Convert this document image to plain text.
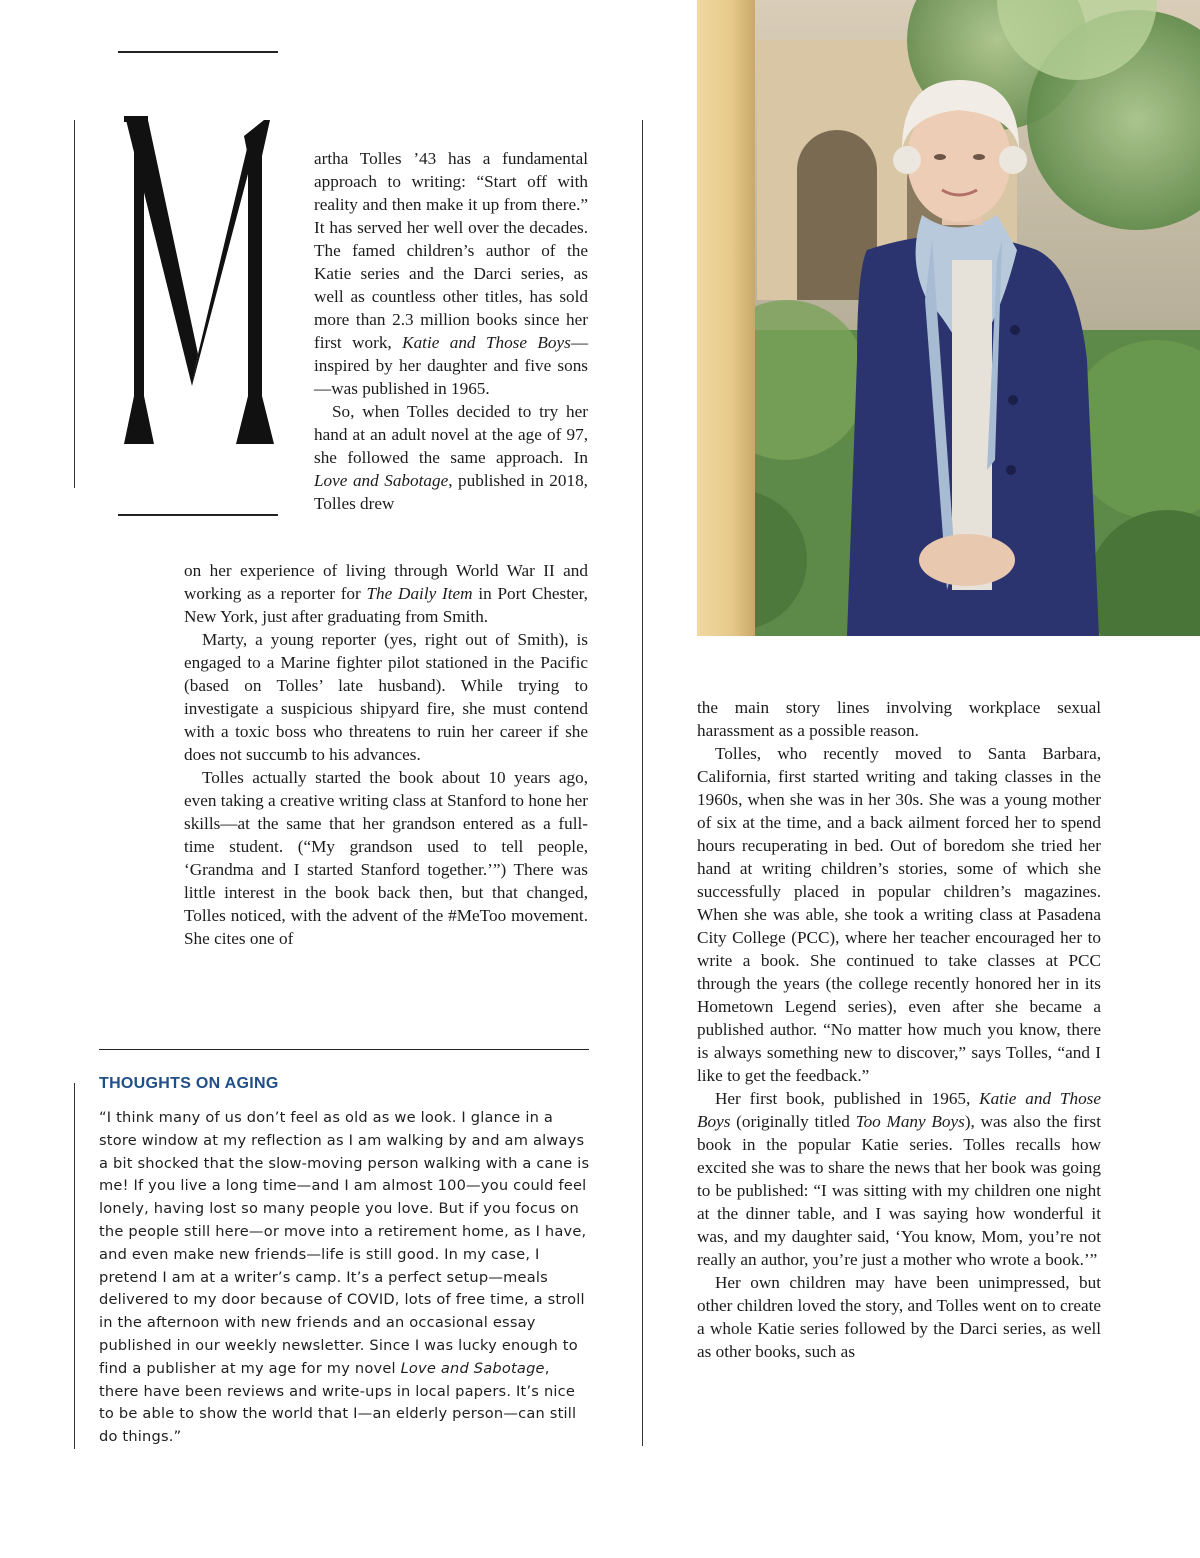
artha Tolles ’43 has a fundamental approach to writing: “Start off with reality and then make it up from there.” It has served her well over the decades. The famed children’s author of the Katie series and the Darci series, as well as countless other titles, has sold more than 2.3 million books since her first work, Katie and Those Boys—inspired by her daughter and five sons—was published in 1965.

So, when Tolles decided to try her hand at an adult novel at the age of 97, she followed the same approach. In Love and Sabotage, published in 2018, Tolles drew

on her experience of living through World War II and working as a reporter for The Daily Item in Port Chester, New York, just after graduating from Smith.

Marty, a young reporter (yes, right out of Smith), is engaged to a Marine fighter pilot stationed in the Pacific (based on Tolles’ late husband). While trying to investigate a suspicious shipyard fire, she must contend with a toxic boss who threatens to ruin her career if she does not succumb to his advances.

Tolles actually started the book about 10 years ago, even taking a creative writing class at Stanford to hone her skills—at the same that her grandson entered as a full-time student. (“My grandson used to tell people, ‘Grandma and I started Stanford together.’”) There was little interest in the book back then, but that changed, Tolles noticed, with the advent of the #MeToo movement. She cites one of

the main story lines involving workplace sexual harassment as a possible reason.

Tolles, who recently moved to Santa Barbara, California, first started writing and taking classes in the 1960s, when she was in her 30s. She was a young mother of six at the time, and a back ailment forced her to spend hours recuperating in bed. Out of boredom she tried her hand at writing children’s stories, some of which she successfully placed in popular children’s magazines. When she was able, she took a writing class at Pasadena City College (PCC), where her teacher encouraged her to write a book. She continued to take classes at PCC through the years (the college recently honored her in its Hometown Legend series), even after she became a published author. “No matter how much you know, there is always something new to discover,” says Tolles, “and I like to get the feedback.”

Her first book, published in 1965, Katie and Those Boys (originally titled Too Many Boys), was also the first book in the popular Katie series. Tolles recalls how excited she was to share the news that her book was going to be published: “I was sitting with my children one night at the dinner table, and I was saying how wonderful it was, and my daughter said, ‘You know, Mom, you’re not really an author, you’re just a mother who wrote a book.’”

Her own children may have been unimpressed, but other children loved the story, and Tolles went on to create a whole Katie series followed by the Darci series, as well as other books, such as

THOUGHTS ON AGING

“I think many of us don’t feel as old as we look. I glance in a store window at my reflection as I am walking by and am always a bit shocked that the slow-moving person walking with a cane is me! If you live a long time—and I am almost 100—you could feel lonely, having lost so many people you love. But if you focus on the people still here—or move into a retirement home, as I have, and even make new friends—life is still good. In my case, I pretend I am at a writer’s camp. It’s a perfect setup—meals delivered to my door because of COVID, lots of free time, a stroll in the afternoon with new friends and an occasional essay published in our weekly newsletter. Since I was lucky enough to find a publisher at my age for my novel Love and Sabotage, there have been reviews and write-ups in local papers. It’s nice to be able to show the world that I—an elderly person—can still do things.”
